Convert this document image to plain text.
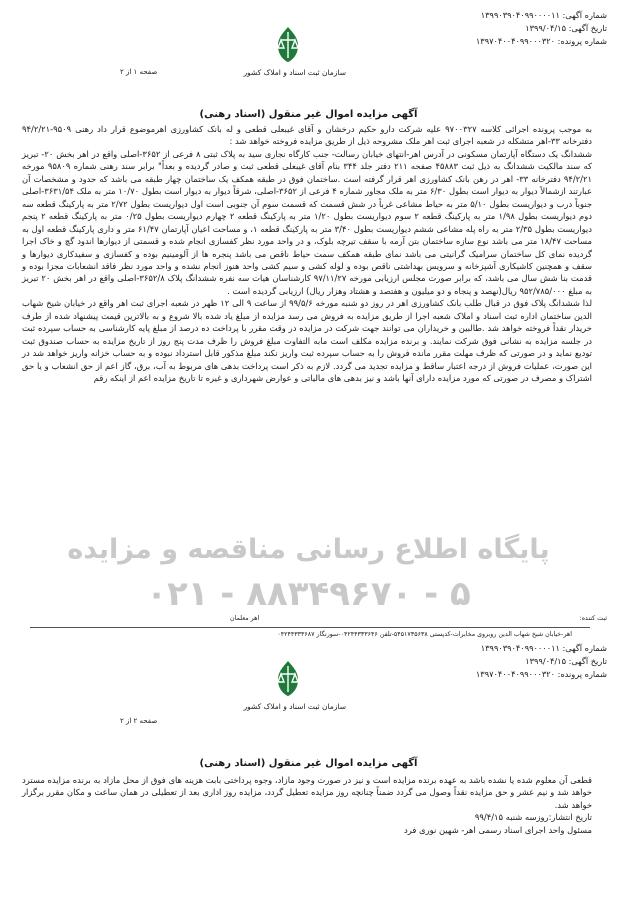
شماره آگهی: ۱۳۹۹۰۳۹۰۴۰۹۹۰۰۰۰۱۱
تاریخ آگهی: ۱۳۹۹/۰۴/۱۵
شماره پرونده: ۱۳۹۷۰۴۰۰۴۰۹۹۰۰۰۳۲۰
سازمان ثبت اسناد و املاک کشور
صفحه ۱ از ۲
آگهی مزایده اموال غیر منقول (اسناد رهنی)

به موجب پرونده اجرائی کلاسه ۹۷۰۰۳۲۷ علیه شرکت دارو حکیم درخشان و آقای غیبعلی قطعی و له بانک کشاورزی اهرموضوع قرار داد رهنی ۹۵۰۹-۹۴/۲/۲۱ دفترخانه ۳۳-اهر متشکله در شعبه اجرای ثبت اهر ملک مشروحه ذیل از طریق مزایده فروخته خواهد شد :

ششدانگ یک دستگاه آپارتمان مسکونی در آدرس اهر-انتهای خیابان رسالت- جنب کارگاه نجاری سید به پلاک ثبتی ۸ فرعی از ۳۶۵۲-اصلی واقع در اهر بخش ۲۰- تبریز که سند مالکیت ششدانگ به ذیل ثبت ۴۵۸۸۳ صفحه ۲۱۱ دفتر جلد ۳۴۴ بنام آقای غیبعلی قطعی ثبت و صادر گردیده و بعداً" برابر سند رهنی شماره ۹۵۸۰۹ مورخه ۹۴/۲/۲۱ دفترخانه ۳۳- اهر در رهن بانک کشاورزی اهر قرار گرفته است .ساختمان فوق در طبقه همکف یک ساختمان چهار طبقه می باشد که حدود و مشخصات آن عبارتند ازشمالاً دیوار به دیوار است بطول ۶/۳۰ متر به ملک مجاور شماره ۴ فرعی از ۳۶۵۲-اصلی، شرقاً دیوار به دیوار است بطول ۱۰/۷۰ متر به ملک ۳۶۳۱/۵۴-اصلی جنوباً درب و دیواریست بطول ۵/۱۰ متر به حیاط مشاعی غرباً در شش قسمت که قسمت سوم آن جنوبی است اول دیواریست بطول ۲/۷۲ متر به پارکینگ قطعه سه دوم دیواریست بطول ۱/۹۸ متر به پارکینگ قطعه ۲ سوم دیواریست بطول ۱/۲۰ متر به پارکینگ قطعه ۲ چهارم دیواریست بطول ۰/۲۵ متر به پارکینگ قطعه ۲ پنجم دیواریست بطول ۲/۳۵ متر به راه پله مشاعی ششم دیواریست بطول ۳/۴۰ متر به پارکینگ قطعه ۱، و مساحت اعیان آپارتمان ۶۱/۴۷ متر و داری پارکینگ قطعه اول به مساحت ۱۸/۴۷ متر می باشد نوع سازه ساختمان بتن آرمه با سقف تیرچه بلوک، و در واحد مورد نظر کفسازی انجام شده و قسمتی از دیوارها اندود گچ و خاک اجرا گردیده نمای کل ساختمان سرامیک گرانیتی می باشد نمای طبقه همکف سمت حیاط ناقص می باشد پنجره ها از آلومینیم بوده و کفسازی و سفیدکاری دیوارها و سقف و همچنین کاشیکاری آشپزخانه و سرویس بهداشتی ناقص بوده و لوله کشی و سیم کشی واحد هنوز انجام نشده و واحد مورد نظر فاقد انشعابات مجزا بوده و قدمت بنا شش سال می باشد، که برابر صورت مجلس ارزیابی مورخه ۹۷/۱۱/۲۷ کارشناسان هیات سه نفره ششدانگ پلاک ۳۶۵۲/۸-اصلی واقع در اهر بخش ۲۰ تبریز به مبلغ ۹۵۲/۷۸۵/۰۰۰ ریال(نهصد و پنجاه و دو میلیون و هفتصد و هشتاد وهزار ریال) ارزیابی گردیده است .

لذا ششدانگ پلاک فوق در قبال طلب بانک کشاورزی اهر در روز دو شنبه مورخه ۹۹/۵/۶ از ساعت ۹ الی ۱۲ ظهر در شعبه اجرای ثبت اهر واقع در خیابان شیخ شهاب الدین ساختمان اداره ثبت اسناد و املاک شعبه اجرا از طریق مزایده به فروش می رسد مزایده از مبلغ یاد شده بالا شروع و به بالاترین قیمت پیشنهاد شده از طرف خریدار نقداً فروخته خواهد شد .طالبین و خریداران می توانند جهت شرکت در مزایده در وقت مقرر با پرداخت ده درصد از مبلغ پایه کارشناسی به حساب سپرده ثبت در جلسه مزایده به نشانی فوق شرکت نمایند. و برنده مزایده مکلف است مابه التفاوت مبلغ فروش را ظرف مدت پنج روز از تاریخ مزایده به حساب صندوق ثبت تودیع نماید و در صورتی که ظرف مهلت مقرر مانده فروش را به حساب سپرده ثبت واریز نکند مبلغ مذکور قابل استرداد نبوده و به حساب خزانه واریز خواهد شد در این صورت، عملیات فروش از درجه اعتبار ساقط و مزایده تجدید می گردد. لازم به ذکر است پرداخت بدهی های مربوط به آب، برق، گاز اعم از حق انشعاب و یا حق اشتراک و مصرف در صورتی که مورد مزایده دارای آنها باشد و نیز بدهی های مالیاتی و عوارض شهرداری و غیره تا تاریخ مزایده اعم از اینکه رقم

پایگاه اطلاع رسانی مناقصه و مزایده
۰۲۱ - ۸۸۳۴۹۶۷۰ - ۵
ثبت کننده:
اهر معلمان
اهر-خیابان شیخ شهاب الدین روبروی مخابرات-کدپستی ۵۴۵۱۷۳۵۶۳۸-تلفن ۰۴۲۴۴۳۳۳۶۴۶-سورنگار ۰۴۲۴۴۳۳۳۶۸۷
شماره آگهی: ۱۳۹۹۰۳۹۰۴۰۹۹۰۰۰۰۱۱
تاریخ آگهی: ۱۳۹۹/۰۴/۱۵
شماره پرونده: ۱۳۹۷۰۴۰۰۴۰۹۹۰۰۰۳۲۰
سازمان ثبت اسناد و املاک کشور
صفحه ۲ از ۲
آگهی مزایده اموال غیر منقول (اسناد رهنی)

قطعی آن معلوم شده یا نشده باشد به عهده برنده مزایده است و نیز در صورت وجود مازاد، وجوه پرداختی بابت هزینه های فوق از محل مازاد به برنده مزایده مسترد خواهد شد و نیم عشر و حق مزایده نقداً وصول می گردد ضمناً چنانچه روز مزایده تعطیل گردد، مزایده روز اداری بعد از تعطیلی در همان ساعت و مکان مقرر برگزار خواهد شد.

تاریخ انتشار:روزسه شنبه ۹۹/۴/۱۵

مسئول واحد اجرای اسناد رسمی اهر- شهین نوری فرد
